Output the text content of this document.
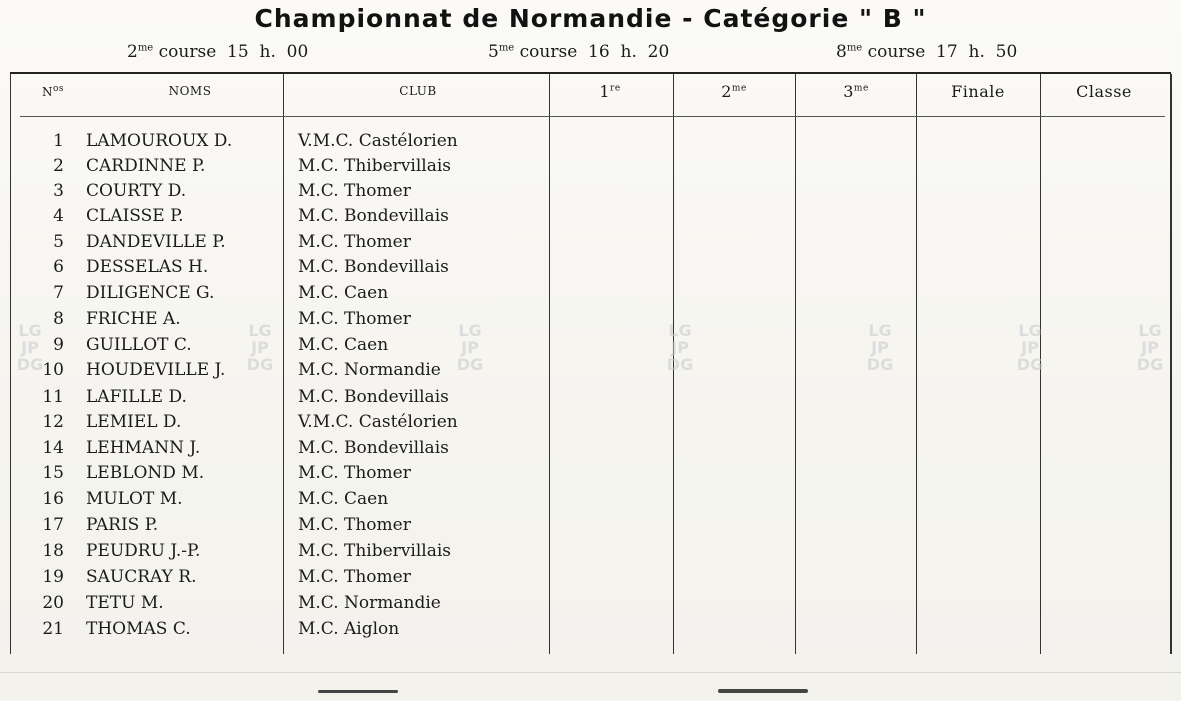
Championnat de Normandie - Catégorie " B "
$2^{me}$ course  15  h.  00	$5^{me}$ course  16  h.  20	$8^{me}$ course  17  h.  50
$N^{os}$	NOMS	CLUB	1re	$2^{me}$	$3^{me}$	Finale	Classe
1 LAMOUROUX D.	V.M.C. Castélorien
2 CARDINNE P.	M.C. Thibervillais
3 COURTY D.	M.C. Thomer
4 CLAISSE P.	M.C. Bondevillais
5 DANDEVILLE P.	M.C. Thomer
6 DESSELAS H.	M.C. Bondevillais
7 DILIGENCE G.	M.C. Caen
8 FRICHE A.	M.C. Thomer
9 GUILLOT C.	M.C. Caen
10 HOUDEVILLE J.	M.C. Normandie
11 LAFILLE D.	M.C. Bondevillais
12 LEMIEL D.	V.M.C. Castélorien
14 LEHMANN J.	M.C. Bondevillais
15 LEBLOND M.	M.C. Thomer
16 MULOT M.	M.C. Caen
17 PARIS P.	M.C. Thomer
18 PEUDRU J.-P.	M.C. Thibervillais
19 SAUCRAY R.	M.C. Thomer
20 TETU M.	M.C. Normandie
21 THOMAS C.	M.C. Aiglon
LG
JP
DG
LG
JP
DG
LG
JP
DG
LG
JP
DG
LG
JP
DG
LG
JP
DG
LG
JP
DG
